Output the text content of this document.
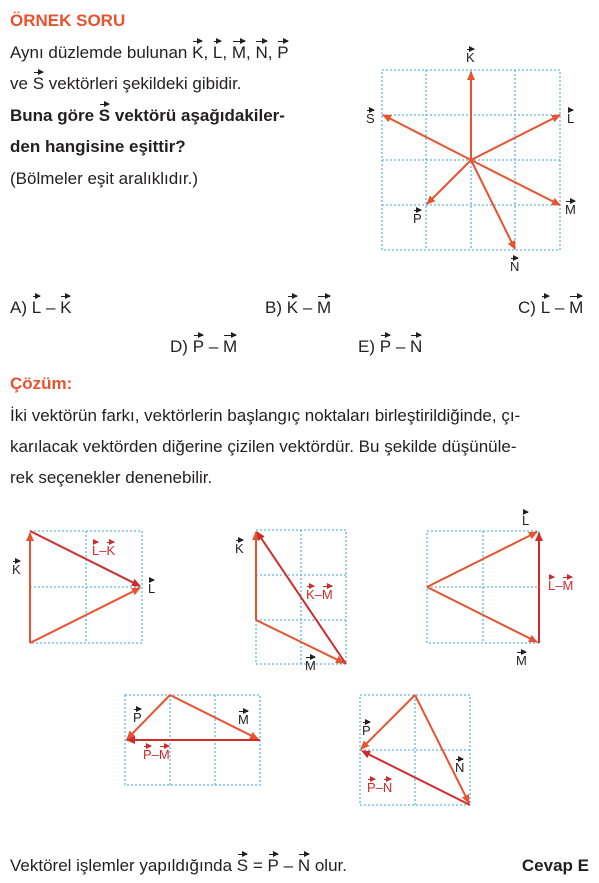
ÖRNEK SORU
Aynı düzlemde bulunan K, L, M, N, P
ve S vektörleri şekildeki gibidir.
Buna göre S vektörü aşağıdakiler-
den hangisine eşittir?
(Bölmeler eşit aralıklıdır.)
K
L
S
M
P
N
A) L – K	B) K – M	C) L – M
D) P – M	E) P – N
Çözüm:
İki vektörün farkı, vektörlerin başlangıç noktaları birleştirildiğinde, çı-
karılacak vektörden diğerine çizilen vektördür. Bu şekilde düşünüle-
rek seçenekler denenebilir.
K
L
L–K	K
M
K–M
L
M
L–M
P	M
P–M
P
N
P–N
Vektörel işlemler yapıldığında S = P – N olur.	Cevap E
